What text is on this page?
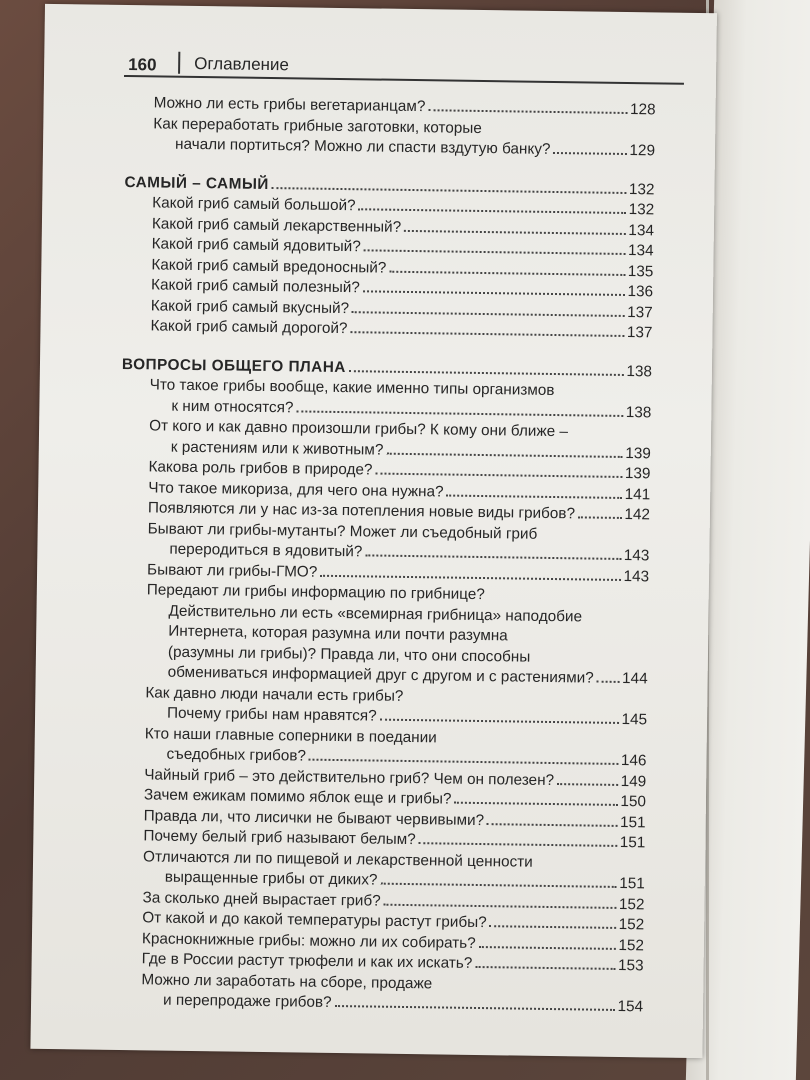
160 Оглавление
Можно ли есть грибы вегетарианцам?	128
Как переработать грибные заготовки, которые
начали портиться? Можно ли спасти вздутую банку?	129
САМЫЙ – САМЫЙ	132
Какой гриб самый большой?	132
Какой гриб самый лекарственный?	134
Какой гриб самый ядовитый?	134
Какой гриб самый вредоносный?	135
Какой гриб самый полезный?	136
Какой гриб самый вкусный?	137
Какой гриб самый дорогой?	137
ВОПРОСЫ ОБЩЕГО ПЛАНА	138
Что такое грибы вообще, какие именно типы организмов
к ним относятся?	138
От кого и как давно произошли грибы? К кому они ближе –
к растениям или к животным?	139
Какова роль грибов в природе?	139
Что такое микориза, для чего она нужна?	141
Появляются ли у нас из-за потепления новые виды грибов?	142
Бывают ли грибы-мутанты? Может ли съедобный гриб
переродиться в ядовитый?	143
Бывают ли грибы-ГМО?	143
Передают ли грибы информацию по грибнице?
Действительно ли есть «всемирная грибница» наподобие
Интернета, которая разумна или почти разумна
(разумны ли грибы)? Правда ли, что они способны
обмениваться информацией друг с другом и с растениями? 144
Как давно люди начали есть грибы?
Почему грибы нам нравятся?	145
Кто наши главные соперники в поедании
съедобных грибов?	146
Чайный гриб – это действительно гриб? Чем он полезен?	149
Зачем ежикам помимо яблок еще и грибы?	150
Правда ли, что лисички не бывают червивыми?	151
Почему белый гриб называют белым?	151
Отличаются ли по пищевой и лекарственной ценности
выращенные грибы от диких?	151
За сколько дней вырастает гриб?	152
От какой и до какой температуры растут грибы?	152
Краснокнижные грибы: можно ли их собирать?	152
Где в России растут трюфели и как их искать?	153
Можно ли заработать на сборе, продаже
и перепродаже грибов?	154
